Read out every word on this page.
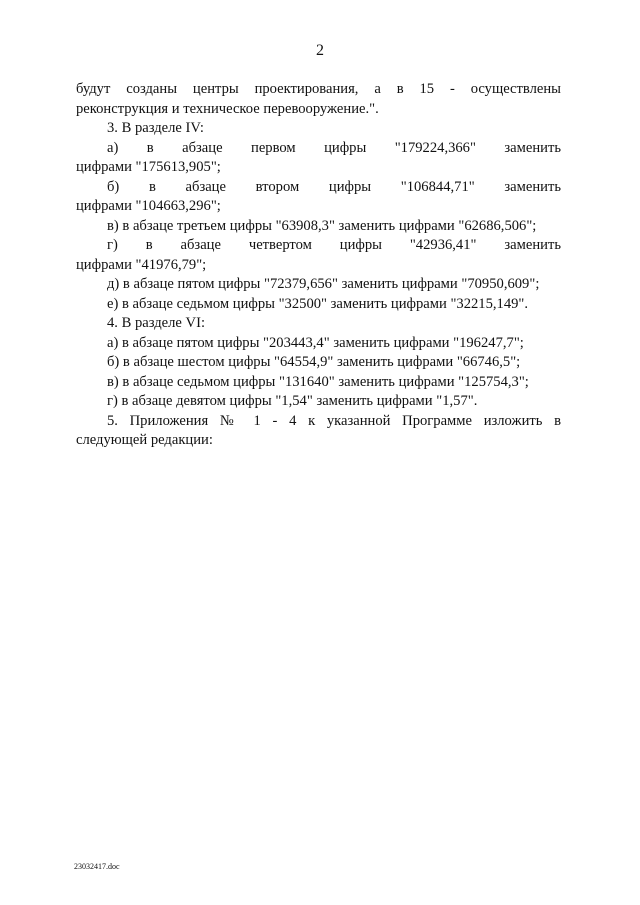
2

будут созданы центры проектирования, а в 15 - осуществлены

реконструкция и техническое перевооружение.".

3. В разделе IV:

а) в абзаце первом цифры "179224,366" заменить

цифрами "175613,905";

б) в абзаце втором цифры "106844,71" заменить

цифрами "104663,296";

в) в абзаце третьем цифры "63908,3" заменить цифрами "62686,506";

г) в абзаце четвертом цифры "42936,41" заменить

цифрами "41976,79";

д) в абзаце пятом цифры "72379,656" заменить цифрами "70950,609";

е) в абзаце седьмом цифры "32500" заменить цифрами "32215,149".

4. В разделе VI:

а) в абзаце пятом цифры "203443,4" заменить цифрами "196247,7";

б) в абзаце шестом цифры "64554,9" заменить цифрами "66746,5";

в) в абзаце седьмом цифры "131640" заменить цифрами "125754,3";

г) в абзаце девятом цифры "1,54" заменить цифрами "1,57".

5. Приложения № 1 - 4 к указанной Программе изложить в

следующей редакции:

23032417.doc
